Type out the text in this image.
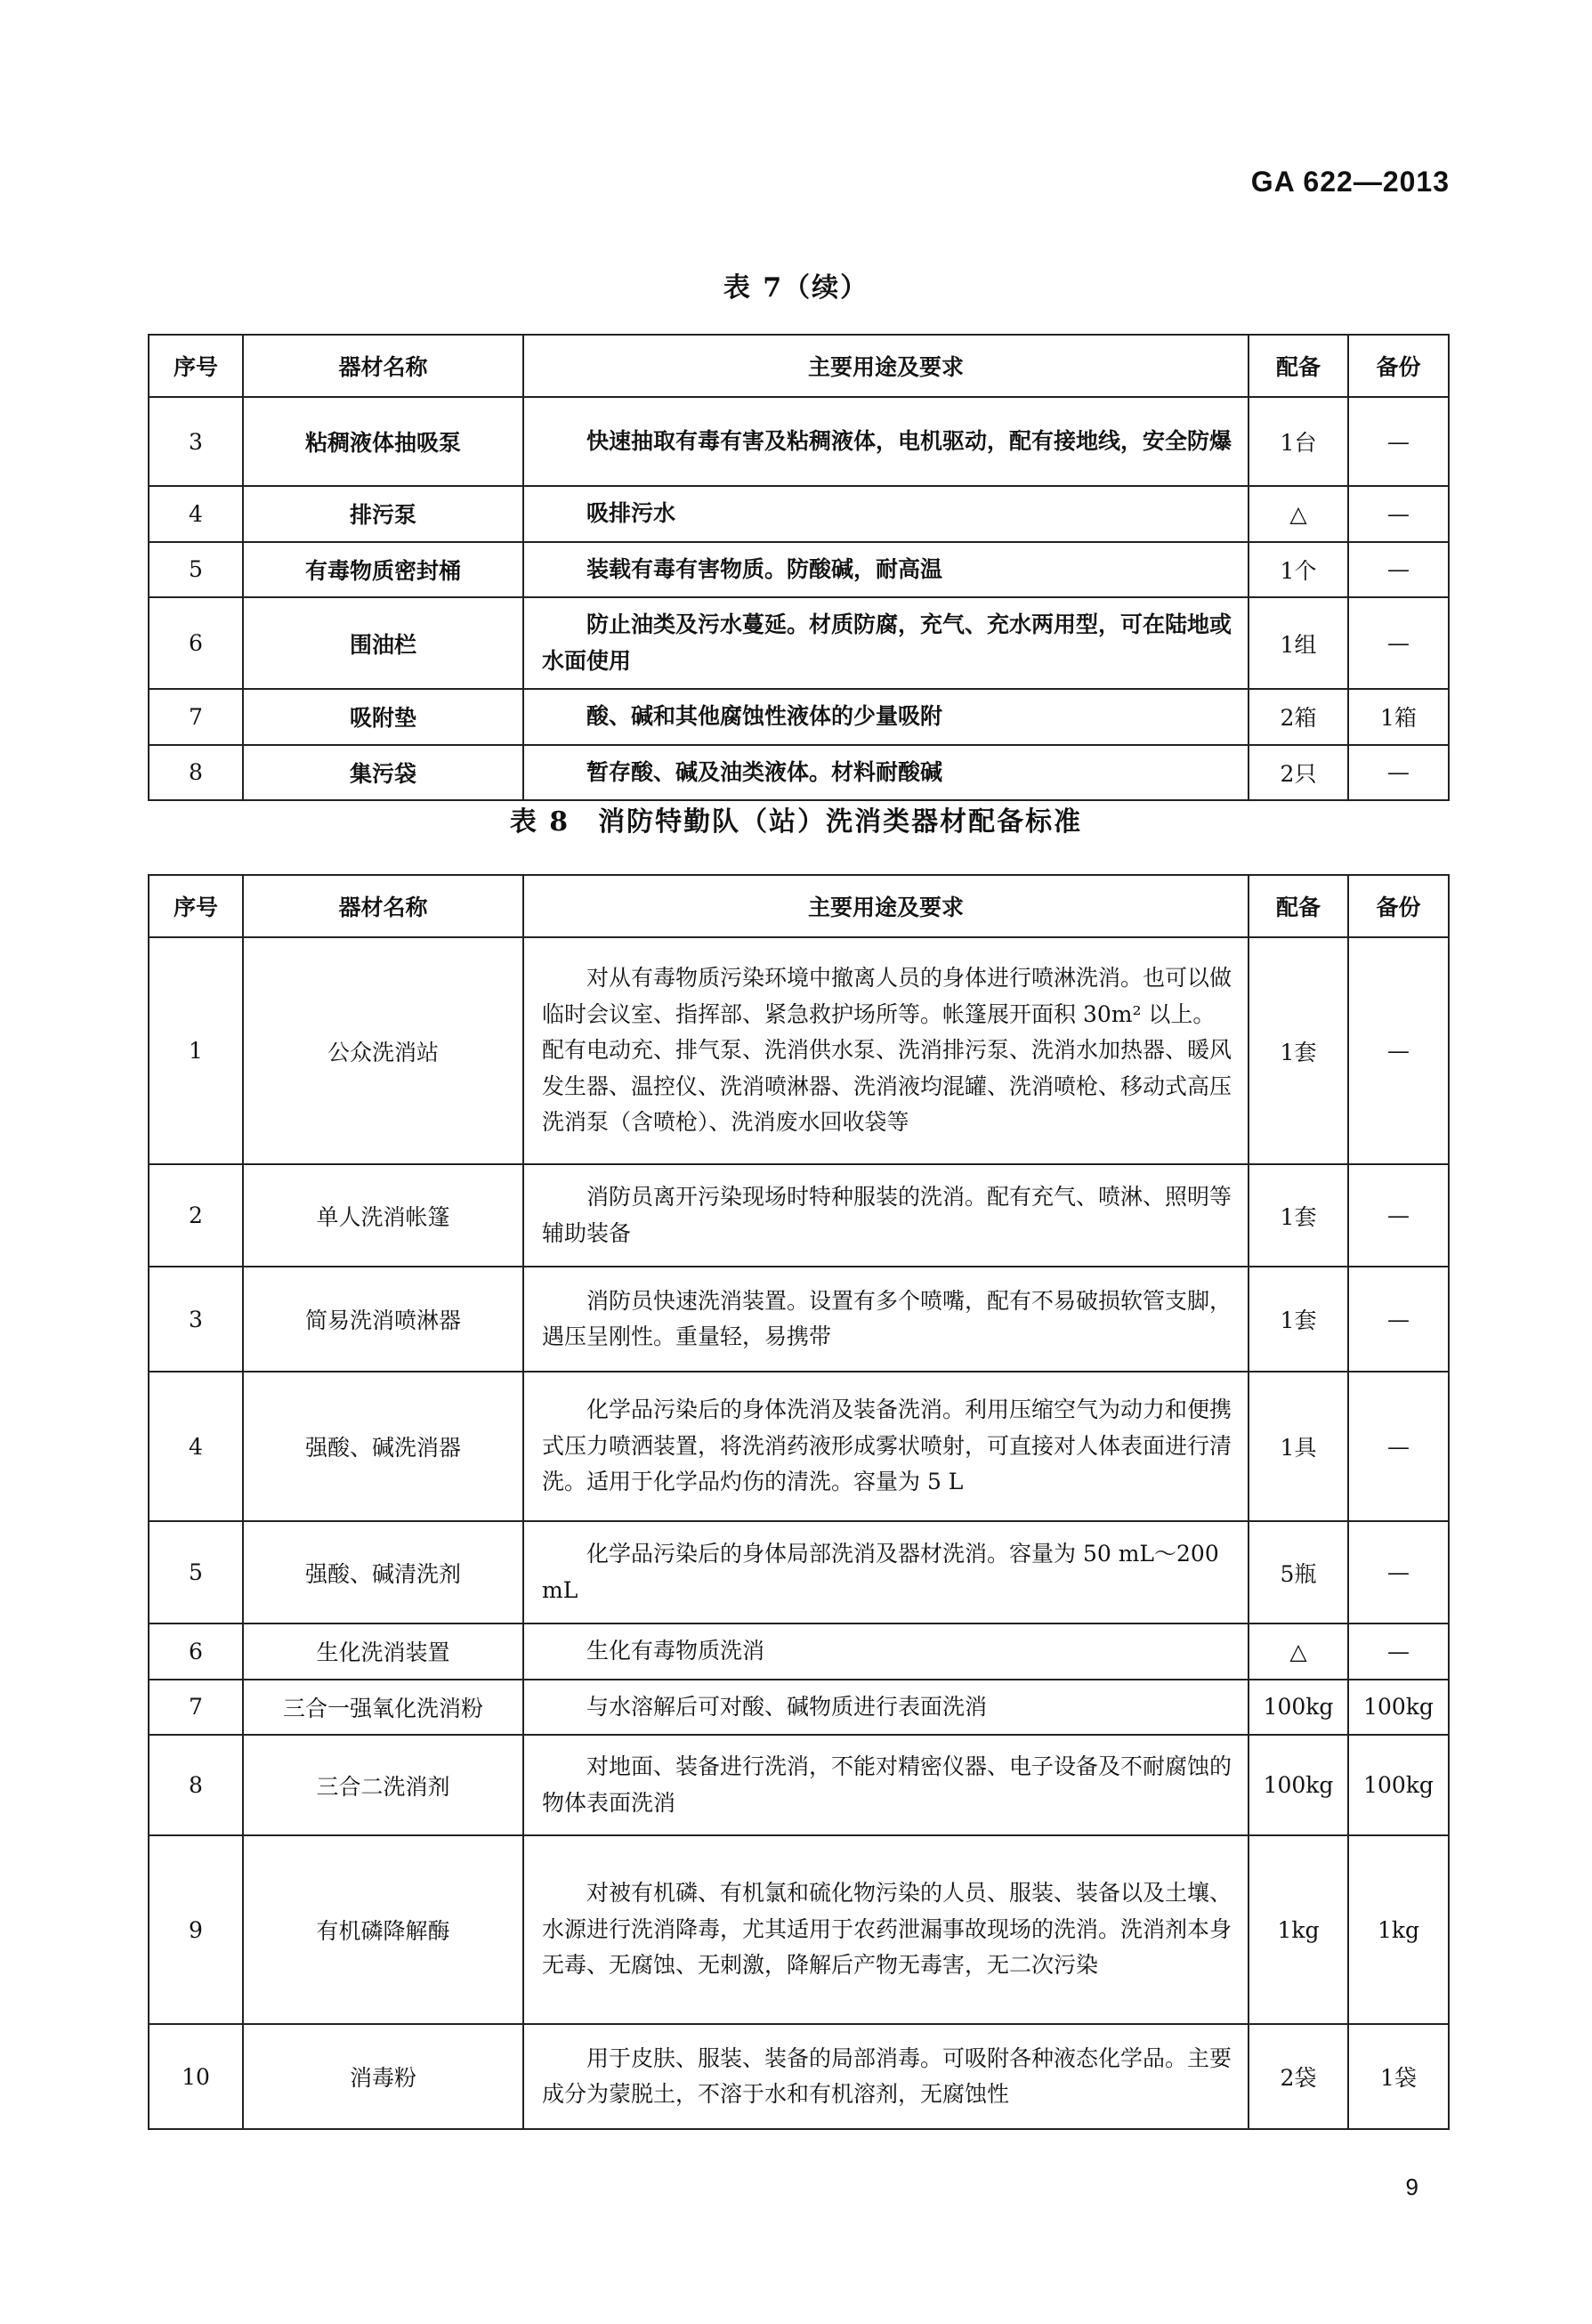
GA 622—2013
表 7（续）
序号	器材名称	主要用途及要求	配备	备份
3	粘稠液体抽吸泵	快速抽取有毒有害及粘稠液体，电机驱动，配有接地线，安全防爆	1台	—
4	排污泵	吸排污水	△	—
5	有毒物质密封桶	装载有毒有害物质。防酸碱，耐高温	1个	—
6	围油栏	防止油类及污水蔓延。材质防腐，充气、充水两用型，可在陆地或水面使用	1组	—
7	吸附垫	酸、碱和其他腐蚀性液体的少量吸附	2箱	1箱
8	集污袋	暂存酸、碱及油类液体。材料耐酸碱	2只	—
表 8　消防特勤队（站）洗消类器材配备标准
序号	器材名称	主要用途及要求	配备	备份
1	公众洗消站	对从有毒物质污染环境中撤离人员的身体进行喷淋洗消。也可以做临时会议室、指挥部、紧急救护场所等。帐篷展开面积 30m² 以上。配有电动充、排气泵、洗消供水泵、洗消排污泵、洗消水加热器、暖风发生器、温控仪、洗消喷淋器、洗消液均混罐、洗消喷枪、移动式高压洗消泵（含喷枪）、洗消废水回收袋等	1套	—
2	单人洗消帐篷	消防员离开污染现场时特种服装的洗消。配有充气、喷淋、照明等辅助装备	1套	—
3	简易洗消喷淋器	消防员快速洗消装置。设置有多个喷嘴，配有不易破损软管支脚，遇压呈刚性。重量轻，易携带	1套	—
4	强酸、碱洗消器	化学品污染后的身体洗消及装备洗消。利用压缩空气为动力和便携式压力喷洒装置，将洗消药液形成雾状喷射，可直接对人体表面进行清洗。适用于化学品灼伤的清洗。容量为 5 L	1具	—
5	强酸、碱清洗剂	化学品污染后的身体局部洗消及器材洗消。容量为 50 mL～200 mL	5瓶	—
6	生化洗消装置	生化有毒物质洗消	△	—
7	三合一强氧化洗消粉	与水溶解后可对酸、碱物质进行表面洗消	100kg	100kg
8	三合二洗消剂	对地面、装备进行洗消，不能对精密仪器、电子设备及不耐腐蚀的物体表面洗消	100kg	100kg
9	有机磷降解酶	对被有机磷、有机氯和硫化物污染的人员、服装、装备以及土壤、水源进行洗消降毒，尤其适用于农药泄漏事故现场的洗消。洗消剂本身无毒、无腐蚀、无刺激，降解后产物无毒害，无二次污染	1kg	1kg
10	消毒粉	用于皮肤、服装、装备的局部消毒。可吸附各种液态化学品。主要成分为蒙脱土，不溶于水和有机溶剂，无腐蚀性	2袋	1袋
9
